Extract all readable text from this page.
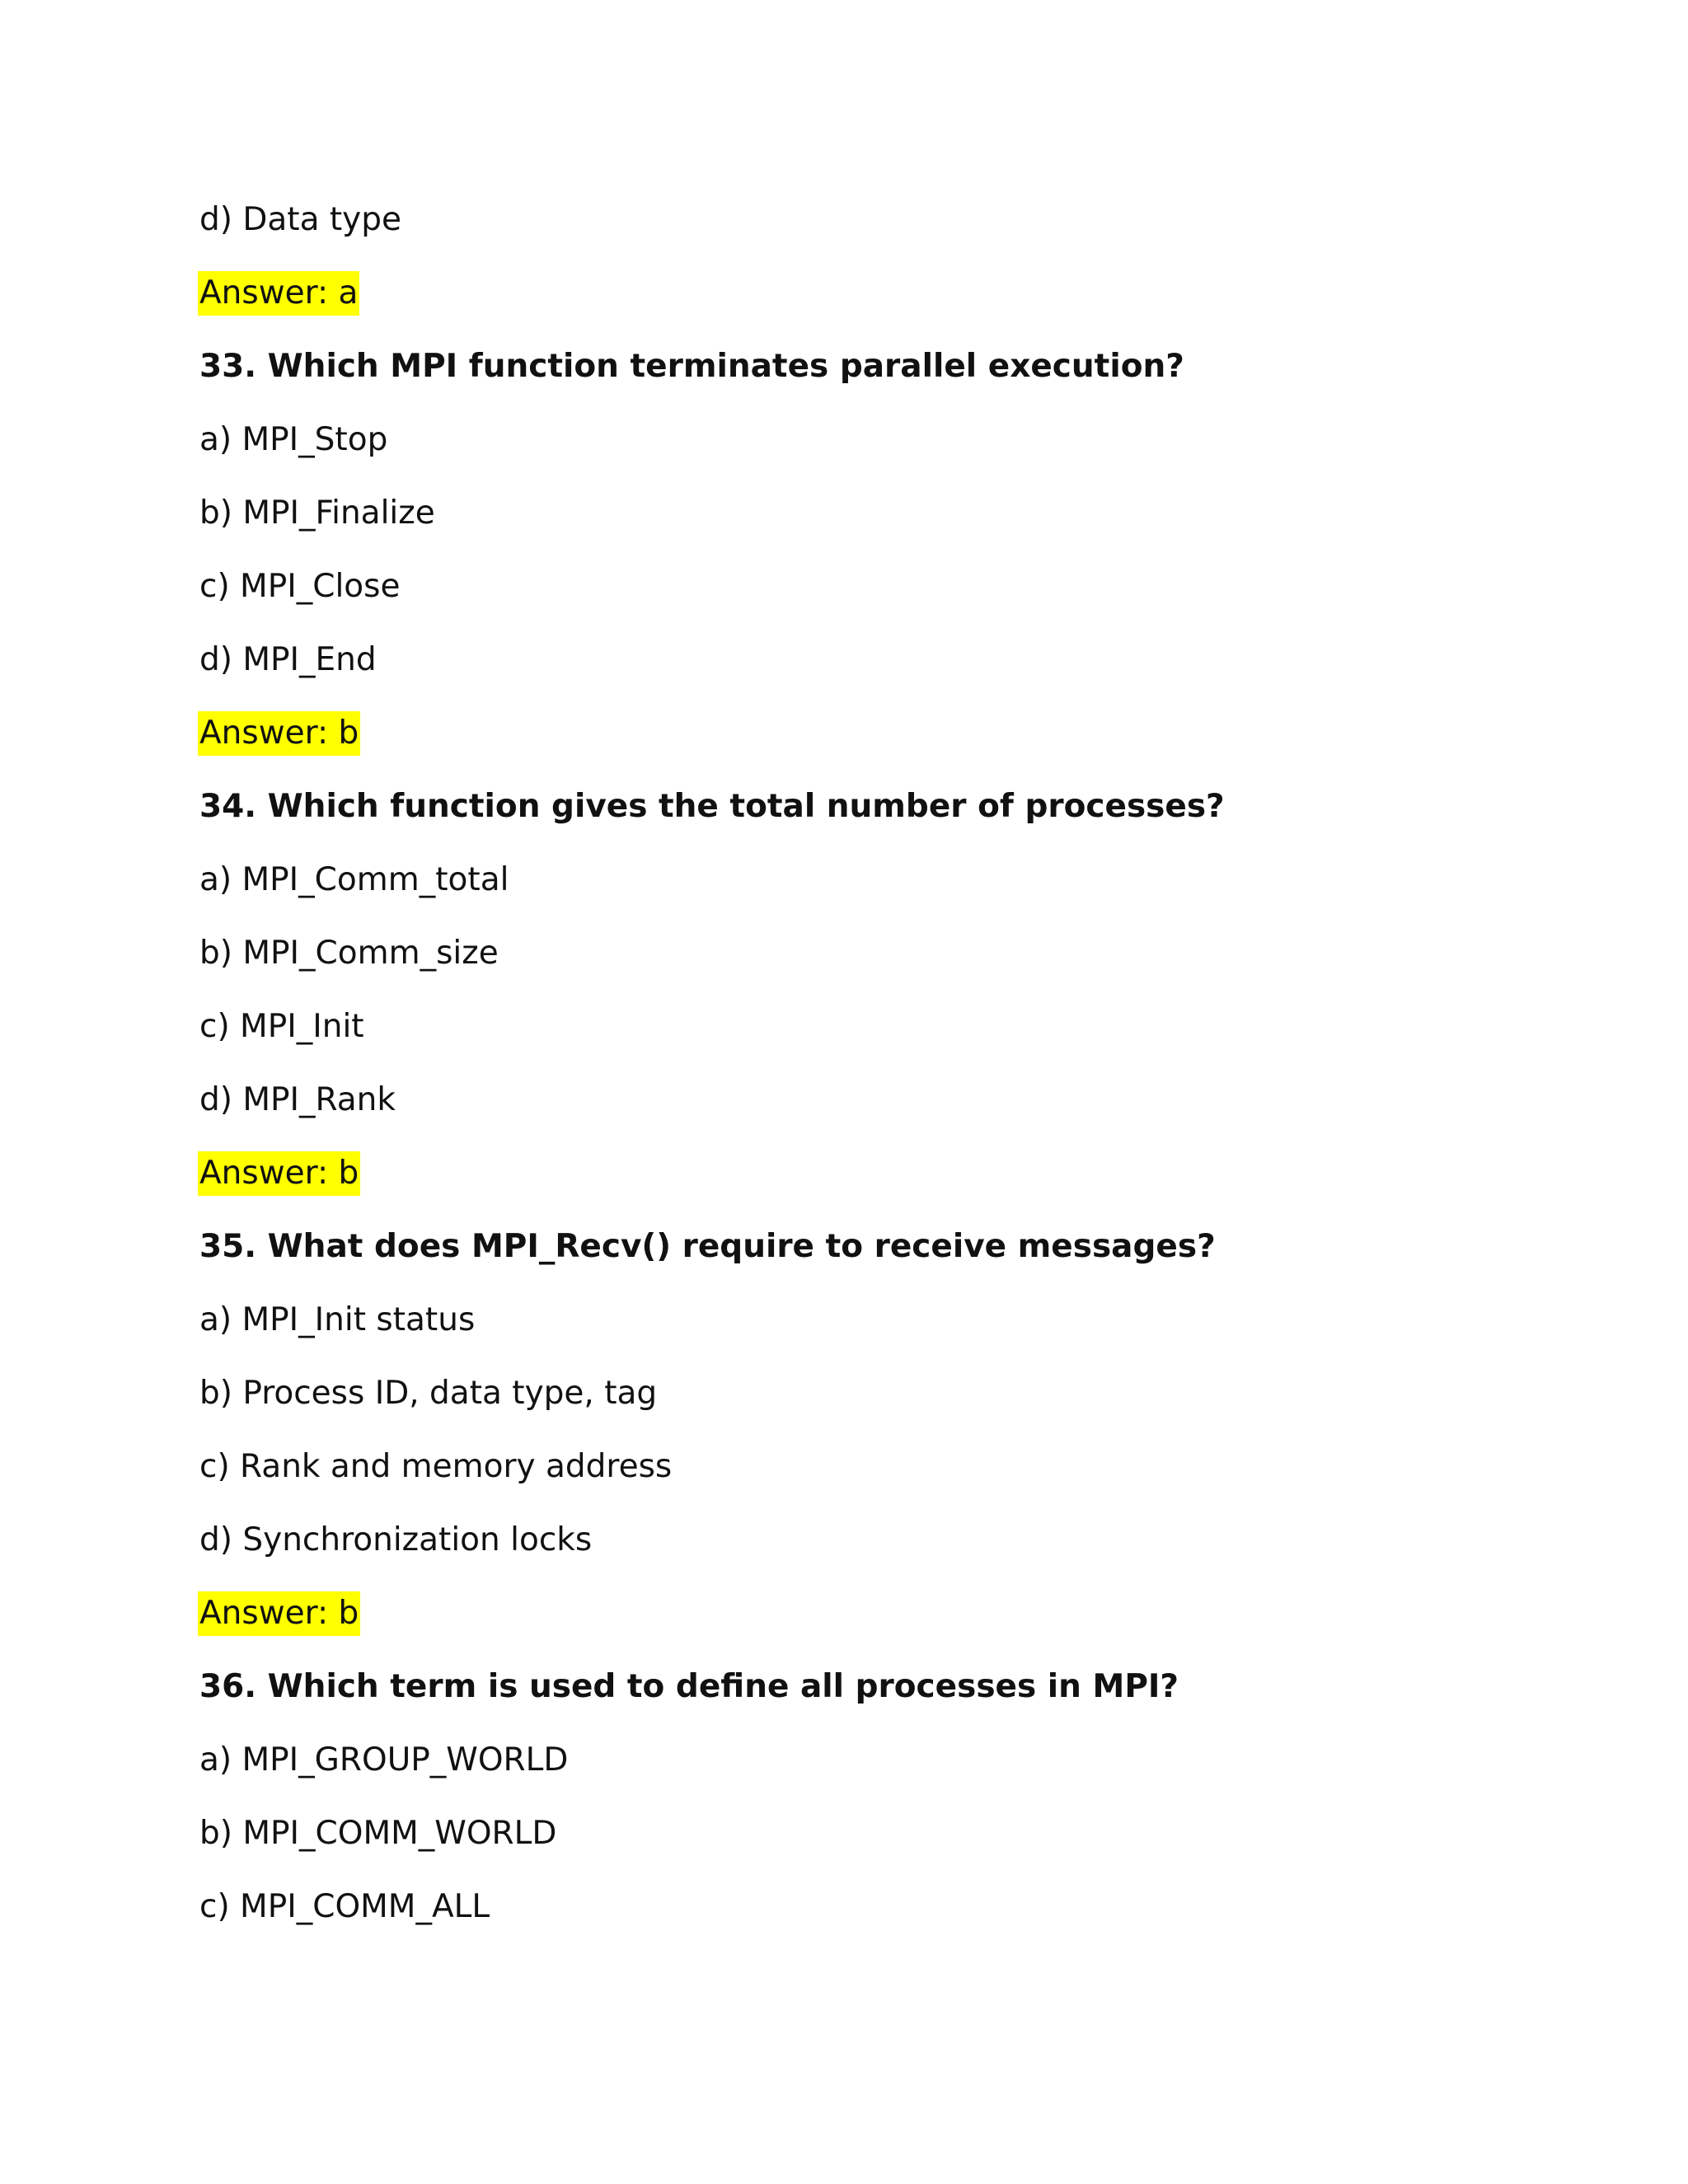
d) Data type
Answer: a
33. Which MPI function terminates parallel execution?
a) MPI_Stop
b) MPI_Finalize
c) MPI_Close
d) MPI_End
Answer: b
34. Which function gives the total number of processes?
a) MPI_Comm_total
b) MPI_Comm_size
c) MPI_Init
d) MPI_Rank
Answer: b
35. What does MPI_Recv() require to receive messages?
a) MPI_Init status
b) Process ID, data type, tag
c) Rank and memory address
d) Synchronization locks
Answer: b
36. Which term is used to define all processes in MPI?
a) MPI_GROUP_WORLD
b) MPI_COMM_WORLD
c) MPI_COMM_ALL
